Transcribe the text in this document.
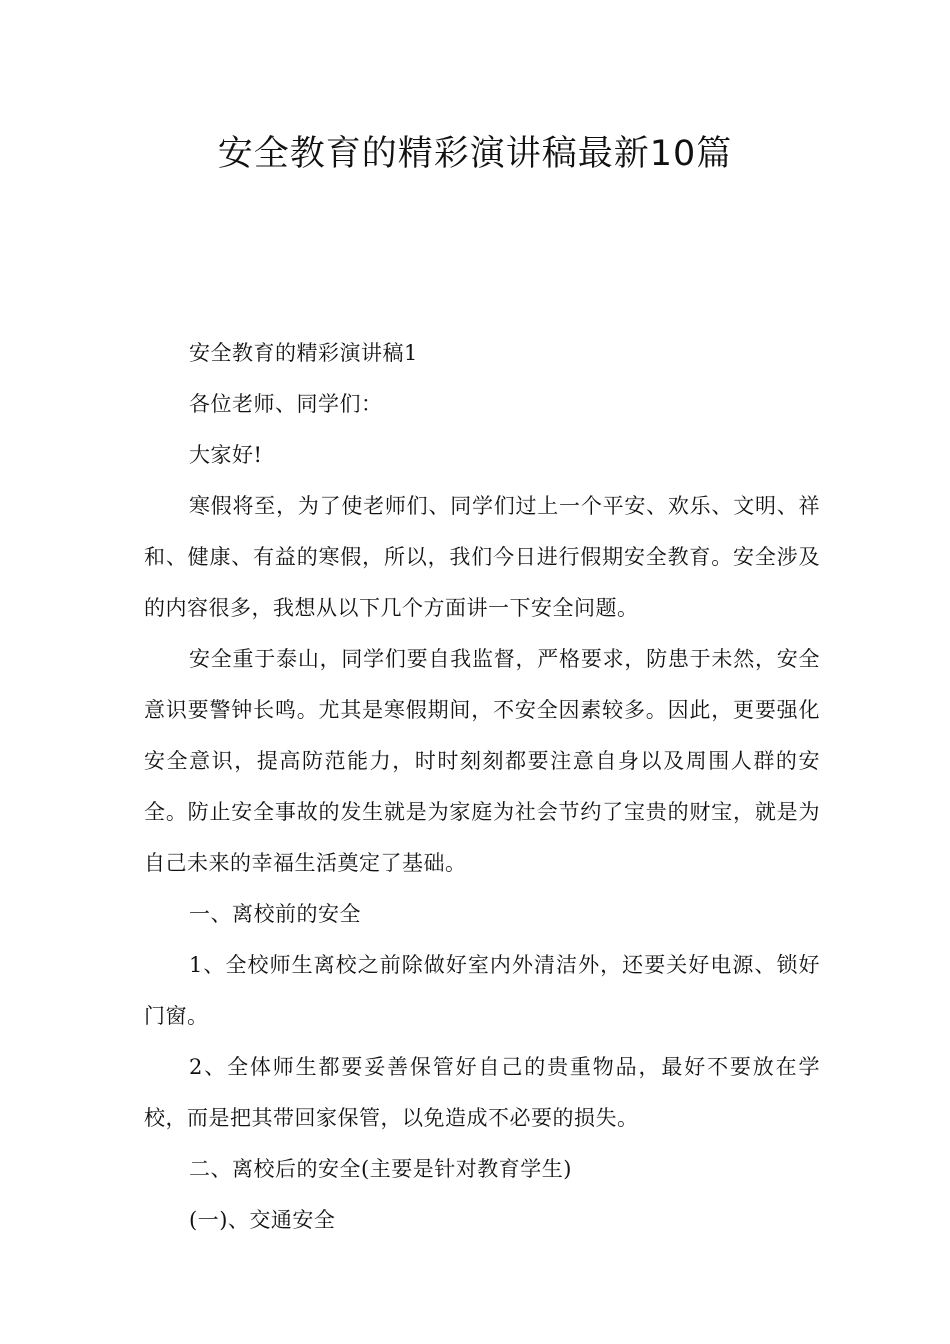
安全教育的精彩演讲稿最新10篇

安全教育的精彩演讲稿1

各位老师、同学们：

大家好!

寒假将至，为了使老师们、同学们过上一个平安、欢乐、文明、祥和、健康、有益的寒假，所以，我们今日进行假期安全教育。安全涉及的内容很多，我想从以下几个方面讲一下安全问题。

安全重于泰山，同学们要自我监督，严格要求，防患于未然，安全意识要警钟长鸣。尤其是寒假期间，不安全因素较多。因此，更要强化安全意识，提高防范能力，时时刻刻都要注意自身以及周围人群的安全。防止安全事故的发生就是为家庭为社会节约了宝贵的财宝，就是为自己未来的幸福生活奠定了基础。

一、离校前的安全

1、全校师生离校之前除做好室内外清洁外，还要关好电源、锁好门窗。

2、全体师生都要妥善保管好自己的贵重物品，最好不要放在学校，而是把其带回家保管，以免造成不必要的损失。

二、离校后的安全(主要是针对教育学生)

(一)、交通安全
